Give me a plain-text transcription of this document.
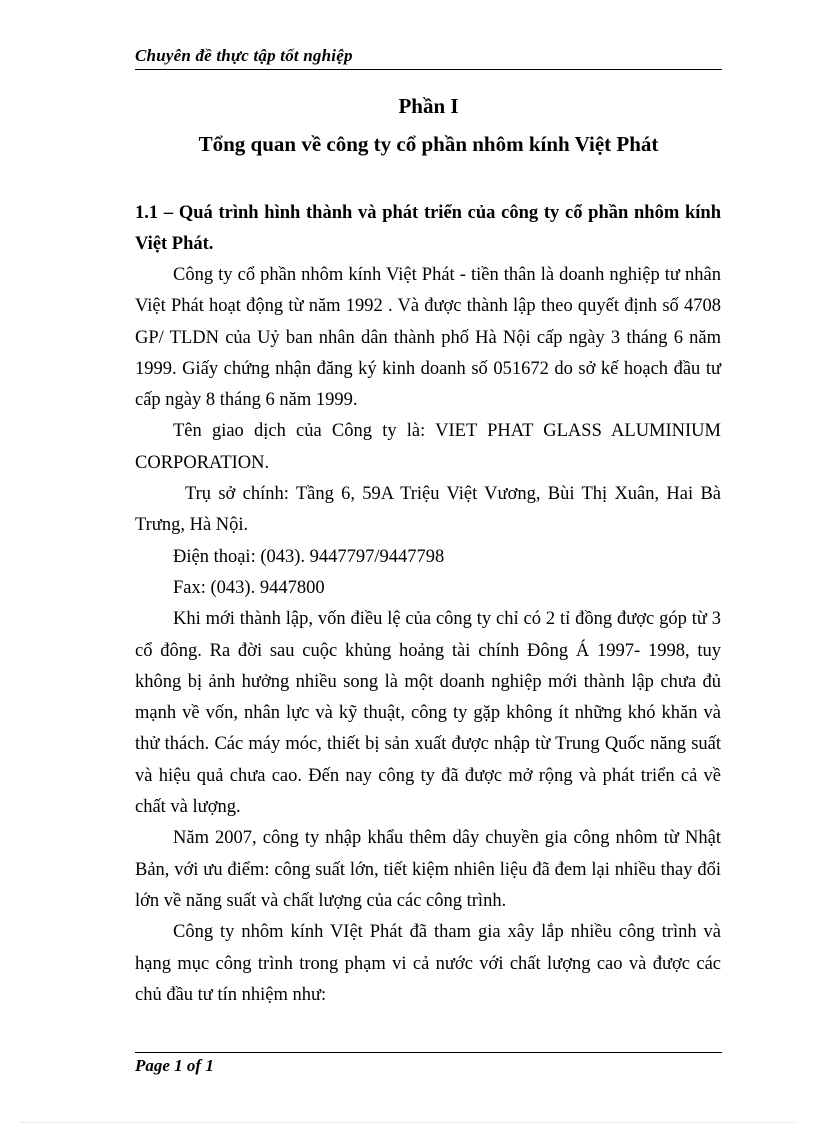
Chuyên đề thực tập tốt nghiệp
Phần I
Tổng quan về công ty cổ phần nhôm kính Việt Phát
1.1 – Quá trình hình thành và phát triển của công ty cổ phần nhôm kính Việt Phát.

Công ty cổ phần nhôm kính Việt Phát - tiền thân là doanh nghiệp tư nhân Việt Phát hoạt động từ năm 1992 . Và được thành lập theo quyết định số 4708 GP/ TLDN của Uỷ ban nhân dân thành phố Hà Nội cấp ngày 3 tháng 6 năm 1999. Giấy chứng nhận đăng ký kinh doanh số 051672 do sở kế hoạch đầu tư cấp ngày 8 tháng 6 năm 1999.

Tên giao dịch của Công ty là: VIET PHAT GLASS ALUMINIUM CORPORATION.

Trụ sở chính: Tầng 6, 59A Triệu Việt Vương, Bùi Thị Xuân, Hai Bà Trưng, Hà Nội.

Điện thoại: (043). 9447797/9447798

Fax: (043). 9447800

Khi mới thành lập, vốn điều lệ của công ty chỉ có 2 tỉ đồng được góp từ 3 cổ đông. Ra đời sau cuộc khủng hoảng tài chính Đông Á 1997- 1998, tuy không bị ảnh hưởng nhiều song là một doanh nghiệp mới thành lập chưa đủ mạnh về vốn, nhân lực và kỹ thuật, công ty gặp không ít những khó khăn và thử thách. Các máy móc, thiết bị sản xuất được nhập từ Trung Quốc năng suất và hiệu quả chưa cao. Đến nay công ty đã được mở rộng và phát triển cả về chất và lượng.

Năm 2007, công ty nhập khẩu thêm dây chuyền gia công nhôm từ Nhật Bản, với ưu điểm: công suất lớn, tiết kiệm nhiên liệu đã đem lại nhiều thay đổi lớn về năng suất và chất lượng của các công trình.

Công ty nhôm kính VIệt Phát đã tham gia xây lắp nhiều công trình và hạng mục công trình trong phạm vi cả nước với chất lượng cao và được các chủ đầu tư tín nhiệm như:

Page 1 of 1
